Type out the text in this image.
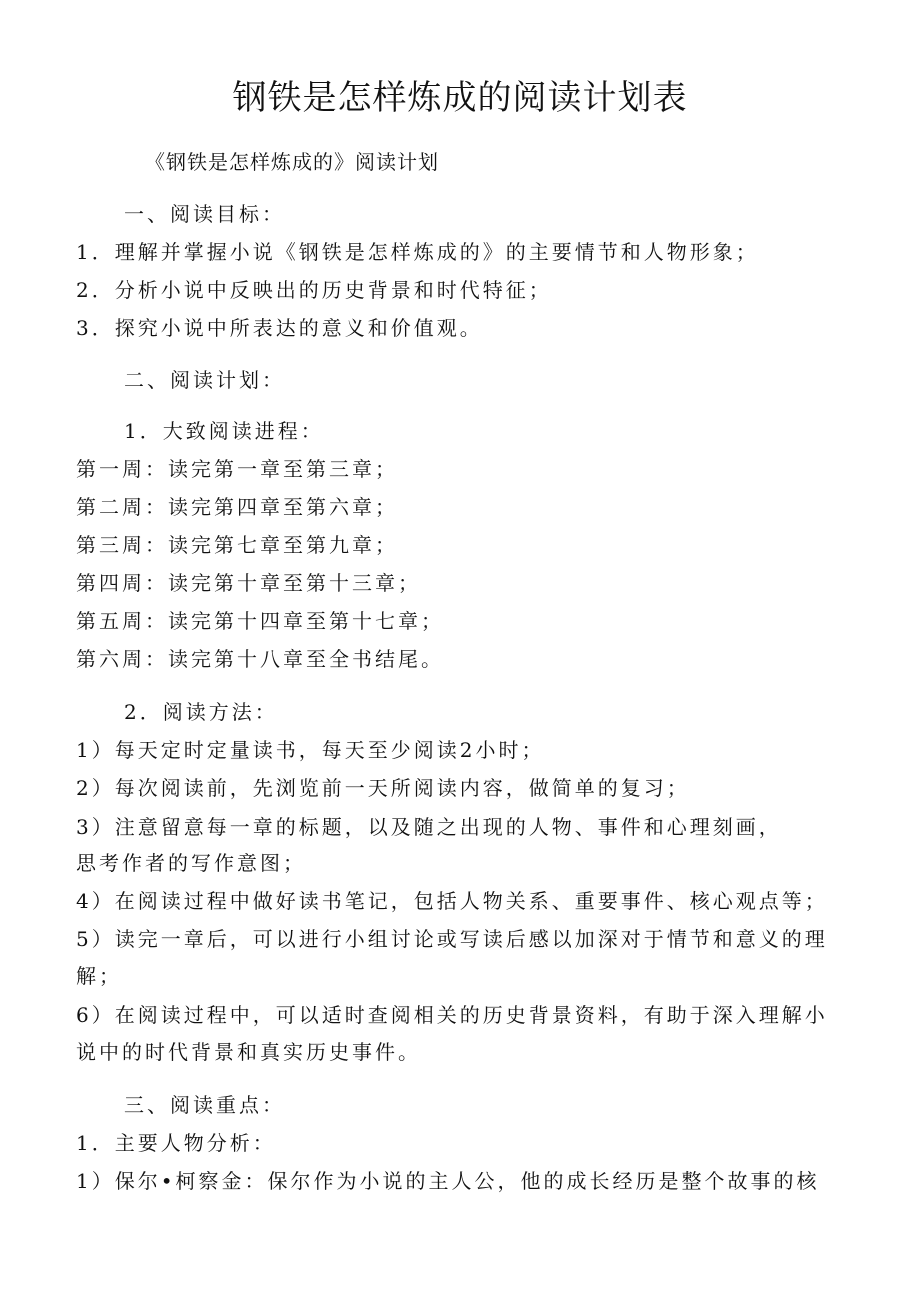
钢铁是怎样炼成的阅读计划表
《钢铁是怎样炼成的》阅读计划
一、阅读目标：
1．理解并掌握小说《钢铁是怎样炼成的》的主要情节和人物形象；
2．分析小说中反映出的历史背景和时代特征；
3．探究小说中所表达的意义和价值观。
二、阅读计划：
1．大致阅读进程：
第一周：读完第一章至第三章；
第二周：读完第四章至第六章；
第三周：读完第七章至第九章；
第四周：读完第十章至第十三章；
第五周：读完第十四章至第十七章；
第六周：读完第十八章至全书结尾。
2．阅读方法：
1）每天定时定量读书，每天至少阅读2小时；
2）每次阅读前，先浏览前一天所阅读内容，做简单的复习；
3）注意留意每一章的标题，以及随之出现的人物、事件和心理刻画，
思考作者的写作意图；
4）在阅读过程中做好读书笔记，包括人物关系、重要事件、核心观点等；
5）读完一章后，可以进行小组讨论或写读后感以加深对于情节和意义的理
解；
6）在阅读过程中，可以适时查阅相关的历史背景资料，有助于深入理解小
说中的时代背景和真实历史事件。
三、阅读重点：
1．主要人物分析：
1）保尔•柯察金：保尔作为小说的主人公，他的成长经历是整个故事的核
